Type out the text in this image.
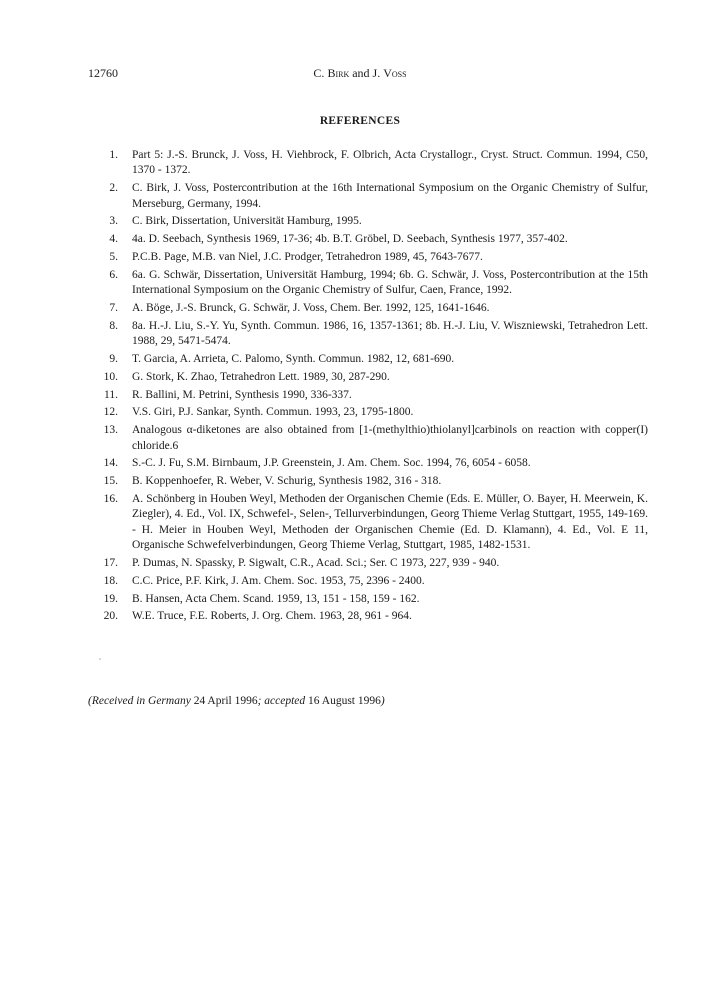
12760	C. Birk and J. Voss
REFERENCES
1. Part 5: J.-S. Brunck, J. Voss, H. Viehbrock, F. Olbrich, Acta Crystallogr., Cryst. Struct. Commun. 1994, C50, 1370 - 1372.
2. C. Birk, J. Voss, Postercontribution at the 16th International Symposium on the Organic Chemistry of Sulfur, Merseburg, Germany, 1994.
3. C. Birk, Dissertation, Universität Hamburg, 1995.
4. 4a. D. Seebach, Synthesis 1969, 17-36; 4b. B.T. Gröbel, D. Seebach, Synthesis 1977, 357-402.
5. P.C.B. Page, M.B. van Niel, J.C. Prodger, Tetrahedron 1989, 45, 7643-7677.
6. 6a. G. Schwär, Dissertation, Universität Hamburg, 1994; 6b. G. Schwär, J. Voss, Postercontribution at the 15th International Symposium on the Organic Chemistry of Sulfur, Caen, France, 1992.
7. A. Böge, J.-S. Brunck, G. Schwär, J. Voss, Chem. Ber. 1992, 125, 1641-1646.
8. 8a. H.-J. Liu, S.-Y. Yu, Synth. Commun. 1986, 16, 1357-1361; 8b. H.-J. Liu, V. Wiszniewski, Tetrahedron Lett. 1988, 29, 5471-5474.
9. T. Garcia, A. Arrieta, C. Palomo, Synth. Commun. 1982, 12, 681-690.
10. G. Stork, K. Zhao, Tetrahedron Lett. 1989, 30, 287-290.
11. R. Ballini, M. Petrini, Synthesis 1990, 336-337.
12. V.S. Giri, P.J. Sankar, Synth. Commun. 1993, 23, 1795-1800.
13. Analogous α-diketones are also obtained from [1-(methylthio)thiolanyl]carbinols on reaction with copper(I) chloride.6
14. S.-C. J. Fu, S.M. Birnbaum, J.P. Greenstein, J. Am. Chem. Soc. 1994, 76, 6054 - 6058.
15. B. Koppenhoefer, R. Weber, V. Schurig, Synthesis 1982, 316 - 318.
16. A. Schönberg in Houben Weyl, Methoden der Organischen Chemie (Eds. E. Müller, O. Bayer, H. Meerwein, K. Ziegler), 4. Ed., Vol. IX, Schwefel-, Selen-, Tellurverbindungen, Georg Thieme Verlag Stuttgart, 1955, 149-169. - H. Meier in Houben Weyl, Methoden der Organischen Chemie (Ed. D. Klamann), 4. Ed., Vol. E 11, Organische Schwefelverbindungen, Georg Thieme Verlag, Stuttgart, 1985, 1482-1531.
17. P. Dumas, N. Spassky, P. Sigwalt, C.R., Acad. Sci.; Ser. C 1973, 227, 939 - 940.
18. C.C. Price, P.F. Kirk, J. Am. Chem. Soc. 1953, 75, 2396 - 2400.
19. B. Hansen, Acta Chem. Scand. 1959, 13, 151 - 158, 159 - 162.
20. W.E. Truce, F.E. Roberts, J. Org. Chem. 1963, 28, 961 - 964.
(Received in Germany 24 April 1996; accepted 16 August 1996)
